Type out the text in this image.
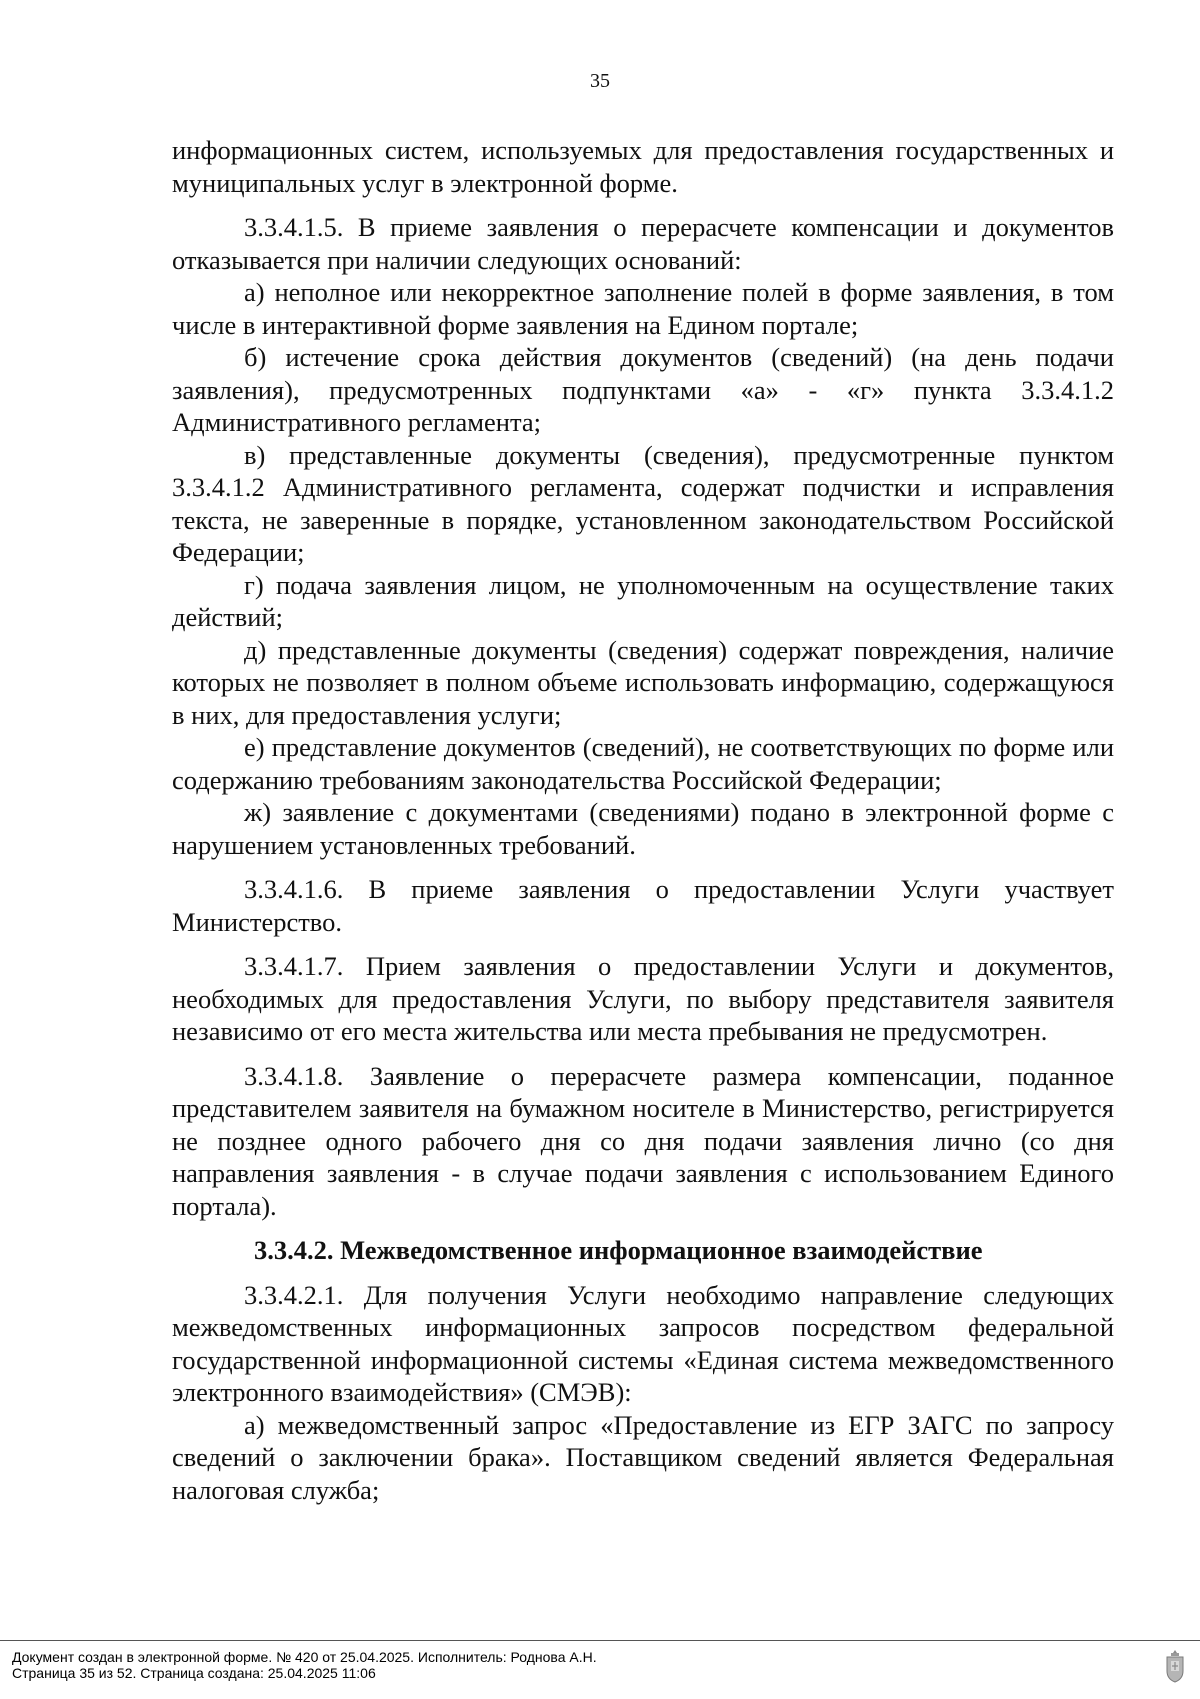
35

информационных систем, используемых для предоставления государственных и муниципальных услуг в электронной форме.

3.3.4.1.5. В приеме заявления о перерасчете компенсации и документов отказывается при наличии следующих оснований:

а) неполное или некорректное заполнение полей в форме заявления, в том числе в интерактивной форме заявления на Едином портале;

б) истечение срока действия документов (сведений) (на день подачи заявления), предусмотренных подпунктами «а» - «г» пункта 3.3.4.1.2 Административного регламента;

в) представленные документы (сведения), предусмотренные пунктом 3.3.4.1.2 Административного регламента, содержат подчистки и исправления текста, не заверенные в порядке, установленном законодательством Российской Федерации;

г) подача заявления лицом, не уполномоченным на осуществление таких действий;

д) представленные документы (сведения) содержат повреждения, наличие которых не позволяет в полном объеме использовать информацию, содержащуюся в них, для предоставления услуги;

е) представление документов (сведений), не соответствующих по форме или содержанию требованиям законодательства Российской Федерации;

ж) заявление с документами (сведениями) подано в электронной форме с нарушением установленных требований.

3.3.4.1.6. В приеме заявления о предоставлении Услуги участвует Министерство.

3.3.4.1.7. Прием заявления о предоставлении Услуги и документов, необходимых для предоставления Услуги, по выбору представителя заявителя независимо от его места жительства или места пребывания не предусмотрен.

3.3.4.1.8. Заявление о перерасчете размера компенсации, поданное представителем заявителя на бумажном носителе в Министерство, регистрируется не позднее одного рабочего дня со дня подачи заявления лично (со дня направления заявления - в случае подачи заявления с использованием Единого портала).

3.3.4.2. Межведомственное информационное взаимодействие

3.3.4.2.1. Для получения Услуги необходимо направление следующих межведомственных информационных запросов посредством федеральной государственной информационной системы «Единая система межведомственного электронного взаимодействия» (СМЭВ):

а) межведомственный запрос «Предоставление из ЕГР ЗАГС по запросу сведений о заключении брака». Поставщиком сведений является Федеральная налоговая служба;

Документ создан в электронной форме. № 420 от 25.04.2025. Исполнитель: Роднова А.Н.
Страница 35 из 52. Страница создана: 25.04.2025 11:06
